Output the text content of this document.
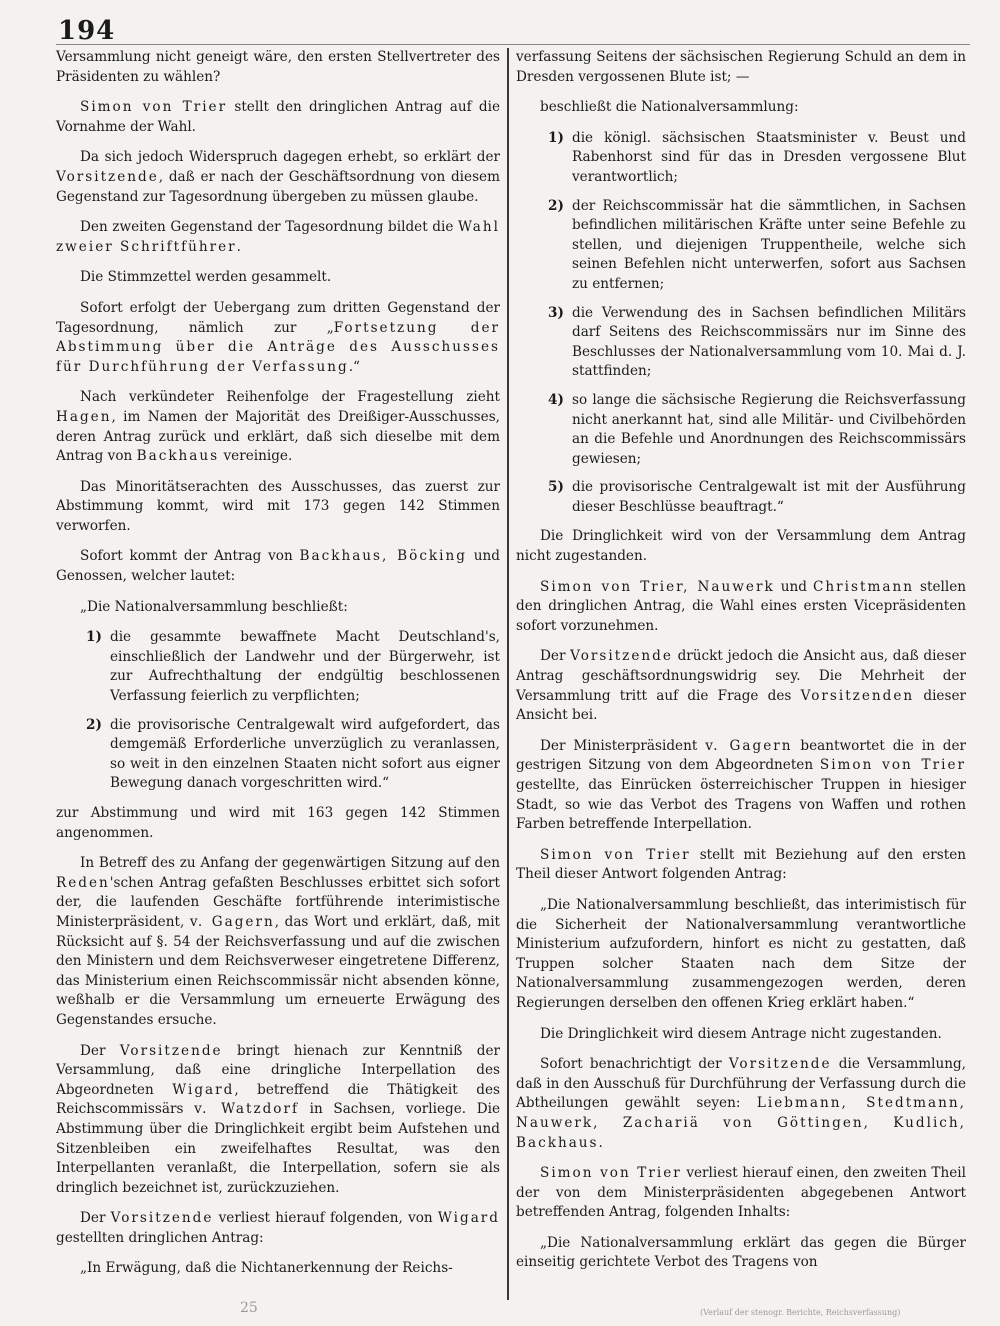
194

Versammlung nicht geneigt wäre, den ersten Stellvertreter des Präsidenten zu wählen?

Simon von Trier stellt den dringlichen Antrag auf die Vornahme der Wahl.

Da sich jedoch Widerspruch dagegen erhebt, so erklärt der Vorsitzende, daß er nach der Geschäftsordnung von diesem Gegenstand zur Tagesordnung übergeben zu müssen glaube.

Den zweiten Gegenstand der Tagesordnung bildet die Wahl zweier Schriftführer.

Die Stimmzettel werden gesammelt.

Sofort erfolgt der Uebergang zum dritten Gegenstand der Tagesordnung, nämlich zur „Fortsetzung der Abstimmung über die Anträge des Ausschusses für Durchführung der Verfassung.“

Nach verkündeter Reihenfolge der Fragestellung zieht Hagen, im Namen der Majorität des Dreißiger-Ausschusses, deren Antrag zurück und erklärt, daß sich dieselbe mit dem Antrag von Backhaus vereinige.

Das Minoritätserachten des Ausschusses, das zuerst zur Abstimmung kommt, wird mit 173 gegen 142 Stimmen verworfen.

Sofort kommt der Antrag von Backhaus, Böcking und Genossen, welcher lautet:

„Die Nationalversammlung beschließt:

1) die gesammte bewaffnete Macht Deutschland's, einschließlich der Landwehr und der Bürgerwehr, ist zur Aufrechthaltung der endgültig beschlossenen Verfassung feierlich zu verpflichten;
2) die provisorische Centralgewalt wird aufgefordert, das demgemäß Erforderliche unverzüglich zu veranlassen, so weit in den einzelnen Staaten nicht sofort aus eigner Bewegung danach vorgeschritten wird.“

zur Abstimmung und wird mit 163 gegen 142 Stimmen angenommen.

In Betreff des zu Anfang der gegenwärtigen Sitzung auf den Reden'schen Antrag gefaßten Beschlusses erbittet sich sofort der, die laufenden Geschäfte fortführende interimistische Ministerpräsident, v. Gagern, das Wort und erklärt, daß, mit Rücksicht auf §. 54 der Reichsverfassung und auf die zwischen den Ministern und dem Reichsverweser eingetretene Differenz, das Ministerium einen Reichscommissär nicht absenden könne, weßhalb er die Versammlung um erneuerte Erwägung des Gegenstandes ersuche.

Der Vorsitzende bringt hienach zur Kenntniß der Versammlung, daß eine dringliche Interpellation des Abgeordneten Wigard, betreffend die Thätigkeit des Reichscommissärs v. Watzdorf in Sachsen, vorliege. Die Abstimmung über die Dringlichkeit ergibt beim Aufstehen und Sitzenbleiben ein zweifelhaftes Resultat, was den Interpellanten veranlaßt, die Interpellation, sofern sie als dringlich bezeichnet ist, zurückzuziehen.

Der Vorsitzende verliest hierauf folgenden, von Wigard gestellten dringlichen Antrag:

„In Erwägung, daß die Nichtanerkennung der Reichs-

verfassung Seitens der sächsischen Regierung Schuld an dem in Dresden vergossenen Blute ist; —

beschließt die Nationalversammlung:

1) die königl. sächsischen Staatsminister v. Beust und Rabenhorst sind für das in Dresden vergossene Blut verantwortlich;
2) der Reichscommissär hat die sämmtlichen, in Sachsen befindlichen militärischen Kräfte unter seine Befehle zu stellen, und diejenigen Truppentheile, welche sich seinen Befehlen nicht unterwerfen, sofort aus Sachsen zu entfernen;
3) die Verwendung des in Sachsen befindlichen Militärs darf Seitens des Reichscommissärs nur im Sinne des Beschlusses der Nationalversammlung vom 10. Mai d. J. stattfinden;
4) so lange die sächsische Regierung die Reichsverfassung nicht anerkannt hat, sind alle Militär- und Civilbehörden an die Befehle und Anordnungen des Reichscommissärs gewiesen;
5) die provisorische Centralgewalt ist mit der Ausführung dieser Beschlüsse beauftragt.“

Die Dringlichkeit wird von der Versammlung dem Antrag nicht zugestanden.

Simon von Trier, Nauwerk und Christmann stellen den dringlichen Antrag, die Wahl eines ersten Vicepräsidenten sofort vorzunehmen.

Der Vorsitzende drückt jedoch die Ansicht aus, daß dieser Antrag geschäftsordnungswidrig sey. Die Mehrheit der Versammlung tritt auf die Frage des Vorsitzenden dieser Ansicht bei.

Der Ministerpräsident v. Gagern beantwortet die in der gestrigen Sitzung von dem Abgeordneten Simon von Trier gestellte, das Einrücken österreichischer Truppen in hiesiger Stadt, so wie das Verbot des Tragens von Waffen und rothen Farben betreffende Interpellation.

Simon von Trier stellt mit Beziehung auf den ersten Theil dieser Antwort folgenden Antrag:

„Die Nationalversammlung beschließt, das interimistisch für die Sicherheit der Nationalversammlung verantwortliche Ministerium aufzufordern, hinfort es nicht zu gestatten, daß Truppen solcher Staaten nach dem Sitze der Nationalversammlung zusammengezogen werden, deren Regierungen derselben den offenen Krieg erklärt haben.“

Die Dringlichkeit wird diesem Antrage nicht zugestanden.

Sofort benachrichtigt der Vorsitzende die Versammlung, daß in den Ausschuß für Durchführung der Verfassung durch die Abtheilungen gewählt seyen: Liebmann, Stedtmann, Nauwerk, Zachariä von Göttingen, Kudlich, Backhaus.

Simon von Trier verliest hierauf einen, den zweiten Theil der von dem Ministerpräsidenten abgegebenen Antwort betreffenden Antrag, folgenden Inhalts:

„Die Nationalversammlung erklärt das gegen die Bürger einseitig gerichtete Verbot des Tragens von

25	(Verlauf der stenogr. Berichte, Reichsverfassung)
